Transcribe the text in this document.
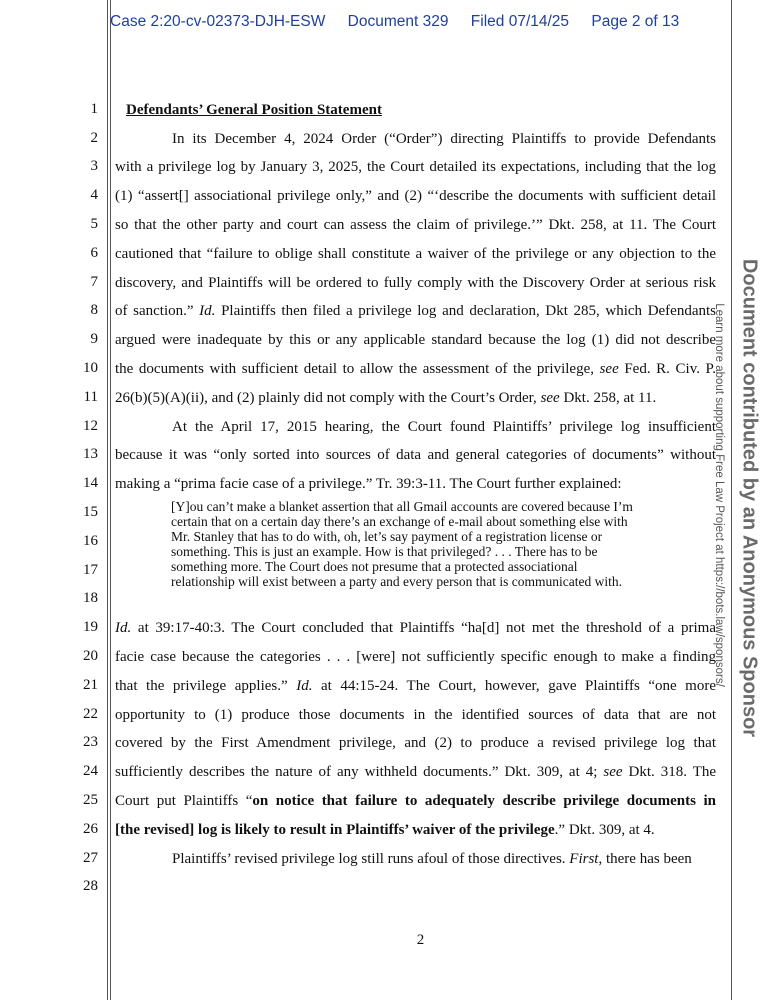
Case 2:20-cv-02373-DJH-ESW Document 329 Filed 07/14/25 Page 2 of 13
1
2
3
4
5
6
7
8
9
10
11
12
13
14
15
16
17
18
19
20
21
22
23
24
25
26
27
28
Defendants’ General Position Statement
In its December 4, 2024 Order (“Order”) directing Plaintiffs to provide Defendants
with a privilege log by January 3, 2025, the Court detailed its expectations, including that the log
(1) “assert[] associational privilege only,” and (2) “‘describe the documents with sufficient detail
so that the other party and court can assess the claim of privilege.’” Dkt. 258, at 11. The Court
cautioned that “failure to oblige shall constitute a waiver of the privilege or any objection to the
discovery, and Plaintiffs will be ordered to fully comply with the Discovery Order at serious risk
of sanction.” Id. Plaintiffs then filed a privilege log and declaration, Dkt 285, which Defendants
argued were inadequate by this or any applicable standard because the log (1) did not describe
the documents with sufficient detail to allow the assessment of the privilege, see Fed. R. Civ. P.
26(b)(5)(A)(ii), and (2) plainly did not comply with the Court’s Order, see Dkt. 258, at 11.
At the April 17, 2015 hearing, the Court found Plaintiffs’ privilege log insufficient
because it was “only sorted into sources of data and general categories of documents” without
making a “prima facie case of a privilege.” Tr. 39:3-11. The Court further explained:
[Y]ou can’t make a blanket assertion that all Gmail accounts are covered because I’m
certain that on a certain day there’s an exchange of e-mail about something else with
Mr. Stanley that has to do with, oh, let’s say payment of a registration license or
something. This is just an example. How is that privileged? . . . There has to be
something more. The Court does not presume that a protected associational
relationship will exist between a party and every person that is communicated with.
Id. at 39:17-40:3. The Court concluded that Plaintiffs “ha[d] not met the threshold of a prima
facie case because the categories . . . [were] not sufficiently specific enough to make a finding
that the privilege applies.” Id. at 44:15-24. The Court, however, gave Plaintiffs “one more
opportunity to (1) produce those documents in the identified sources of data that are not
covered by the First Amendment privilege, and (2) to produce a revised privilege log that
sufficiently describes the nature of any withheld documents.” Dkt. 309, at 4; see Dkt. 318. The
Court put Plaintiffs “on notice that failure to adequately describe privilege documents in
[the revised] log is likely to result in Plaintiffs’ waiver of the privilege.” Dkt. 309, at 4.
Plaintiffs’ revised privilege log still runs afoul of those directives. First, there has been
2
Learn more about supporting Free Law Project at https://bots.law/sponsors/ Document contributed by an Anonymous Sponsor
